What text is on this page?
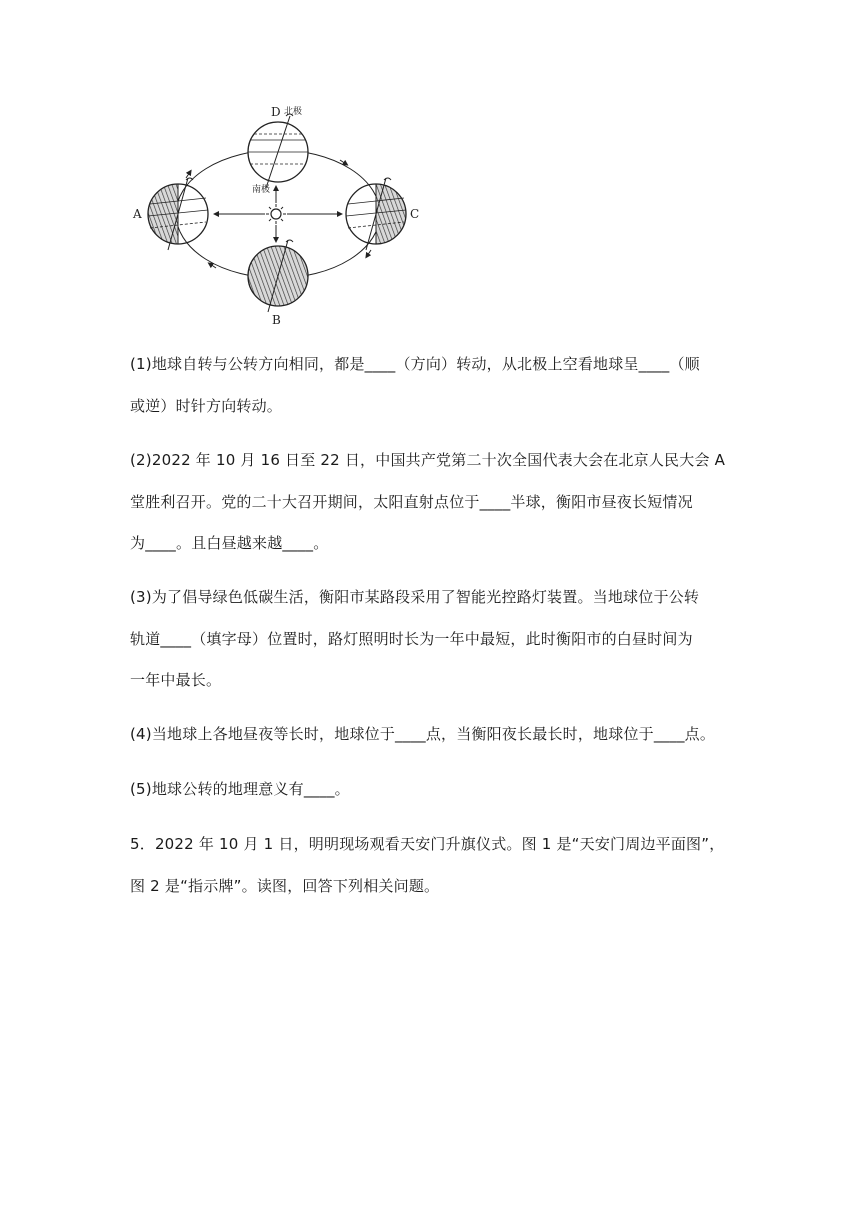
D 北极
南极
A	C
B
(1)地球自转与公转方向相同，都是____（方向）转动，从北极上空看地球呈____（顺
或逆）时针方向转动。
(2)2022 年 10 月 16 日至 22 日，中国共产党第二十次全国代表大会在北京人民大会 A
堂胜利召开。党的二十大召开期间，太阳直射点位于____半球，衡阳市昼夜长短情况
为____。且白昼越来越____。
(3)为了倡导绿色低碳生活，衡阳市某路段采用了智能光控路灯装置。当地球位于公转
轨道____（填字母）位置时，路灯照明时长为一年中最短，此时衡阳市的白昼时间为
一年中最长。
(4)当地球上各地昼夜等长时，地球位于____点，当衡阳夜长最长时，地球位于____点。
(5)地球公转的地理意义有____。
5．2022 年 10 月 1 日，明明现场观看天安门升旗仪式。图 1 是“天安门周边平面图”，
图 2 是“指示牌”。读图，回答下列相关问题。
